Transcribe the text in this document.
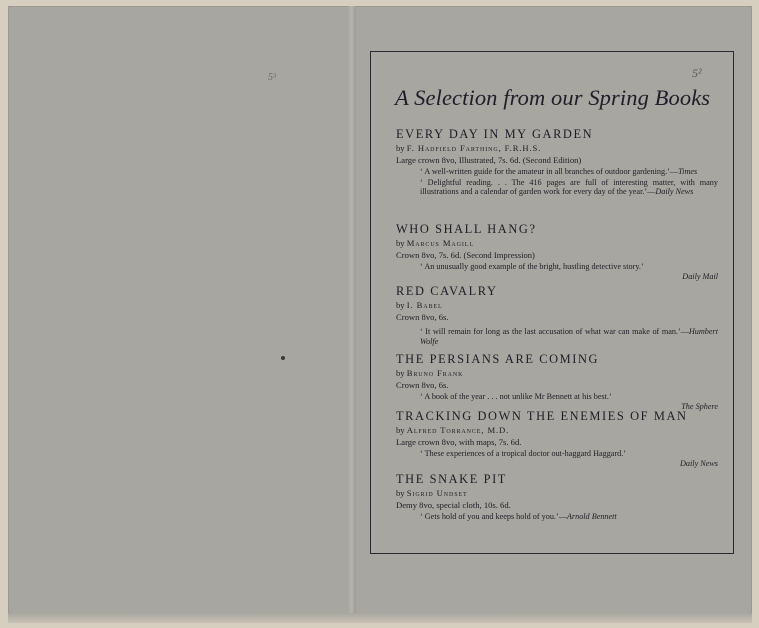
5³	5²
A Selection from our Spring Books
EVERY DAY IN MY GARDEN
by F. Hadfield Farthing, F.R.H.S.
Large crown 8vo, Illustrated, 7s. 6d. (Second Edition)
‘ A well-written guide for the amateur in all branches of outdoor gardening.’—Times
‘ Delightful reading. . . The 416 pages are full of interesting matter, with many illustrations and a calendar of garden work for every day of the year.’—Daily News
WHO SHALL HANG?
by Marcus Magill
Crown 8vo, 7s. 6d. (Second Impression)
‘ An unusually good example of the bright, hustling detective story.’
Daily Mail
RED CAVALRY
by I. Babel
Crown 8vo, 6s.
‘ It will remain for long as the last accusation of what war can make of man.’—Humbert Wolfe
THE PERSIANS ARE COMING
by Bruno Frank
Crown 8vo, 6s.
‘ A book of the year . . . not unlike Mr Bennett at his best.’
The Sphere
TRACKING DOWN THE ENEMIES OF MAN
by Alfred Torrance, M.D.
Large crown 8vo, with maps, 7s. 6d.
‘ These experiences of a tropical doctor out-haggard Haggard.’
Daily News
THE SNAKE PIT
by Sigrid Undset
Demy 8vo, special cloth, 10s. 6d.
‘ Gets hold of you and keeps hold of you.’—Arnold Bennett
